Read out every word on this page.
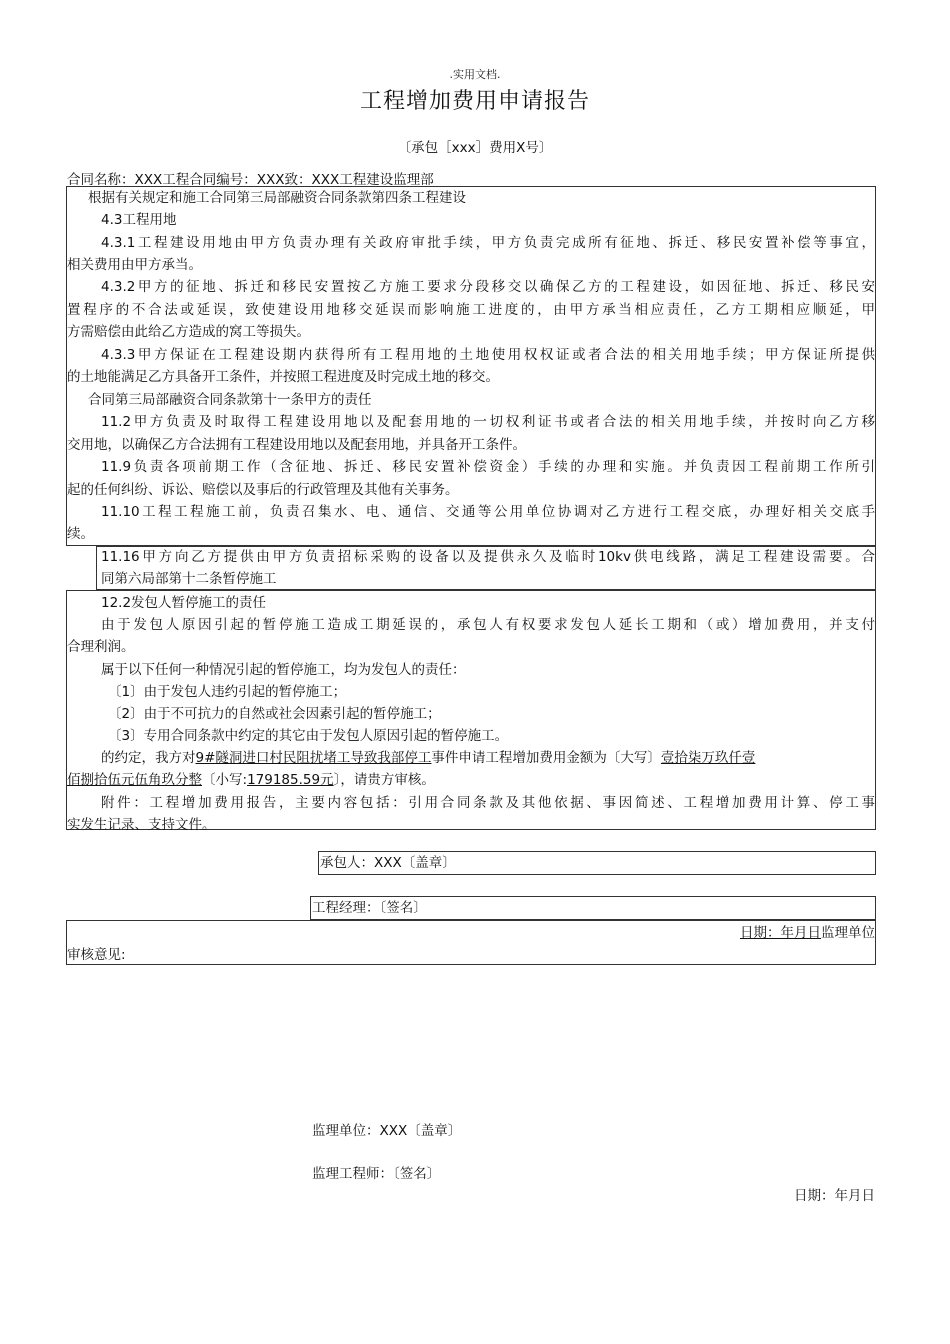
.实用文档.
工程增加费用申请报告
〔承包［xxx］费用X号〕
合同名称：XXX工程合同编号：XXX致：XXX工程建设监理部
根据有关规定和施工合同第三局部融资合同条款第四条工程建设
4.3工程用地
4.3.1工程建设用地由甲方负责办理有关政府审批手续，甲方负责完成所有征地、拆迁、移民安置补偿等事宜，
相关费用由甲方承当。
4.3.2甲方的征地、拆迁和移民安置按乙方施工要求分段移交以确保乙方的工程建设，如因征地、拆迁、移民安
置程序的不合法或延误，致使建设用地移交延误而影响施工进度的，由甲方承当相应责任，乙方工期相应顺延，甲
方需赔偿由此给乙方造成的窝工等损失。
4.3.3甲方保证在工程建设期内获得所有工程用地的土地使用权权证或者合法的相关用地手续；甲方保证所提供
的土地能满足乙方具备开工条件，并按照工程进度及时完成土地的移交。
合同第三局部融资合同条款第十一条甲方的责任
11.2甲方负责及时取得工程建设用地以及配套用地的一切权利证书或者合法的相关用地手续，并按时向乙方移
交用地，以确保乙方合法拥有工程建设用地以及配套用地，并具备开工条件。
11.9负责各项前期工作（含征地、拆迁、移民安置补偿资金）手续的办理和实施。并负责因工程前期工作所引
起的任何纠纷、诉讼、赔偿以及事后的行政管理及其他有关事务。
11.10工程工程施工前，负责召集水、电、通信、交通等公用单位协调对乙方进行工程交底，办理好相关交底手
续。
11.16甲方向乙方提供由甲方负责招标采购的设备以及提供永久及临时10kv供电线路，满足工程建设需要。合
同第六局部第十二条暂停施工
12.2发包人暂停施工的责任
由于发包人原因引起的暂停施工造成工期延误的，承包人有权要求发包人延长工期和（或）增加费用，并支付
合理利润。
属于以下任何一种情况引起的暂停施工，均为发包人的责任：
〔1〕由于发包人违约引起的暂停施工；
〔2〕由于不可抗力的自然或社会因素引起的暂停施工；
〔3〕专用合同条款中约定的其它由于发包人原因引起的暂停施工。
的约定，我方对9#隧洞进口村民阻扰堵工导致我部停工事件申请工程增加费用金额为〔大写〕壹拾柒万玖仟壹
佰捌拾伍元伍角玖分整〔小写:179185.59元〕，请贵方审核。
附件：工程增加费用报告，主要内容包括：引用合同条款及其他依据、事因简述、工程增加费用计算、停工事
实发生记录、支持文件。
承包人：XXX〔盖章〕
工程经理：〔签名〕
日期：年月日监理单位
审核意见:
监理单位：XXX〔盖章〕
监理工程师：〔签名〕
日期：年月日
